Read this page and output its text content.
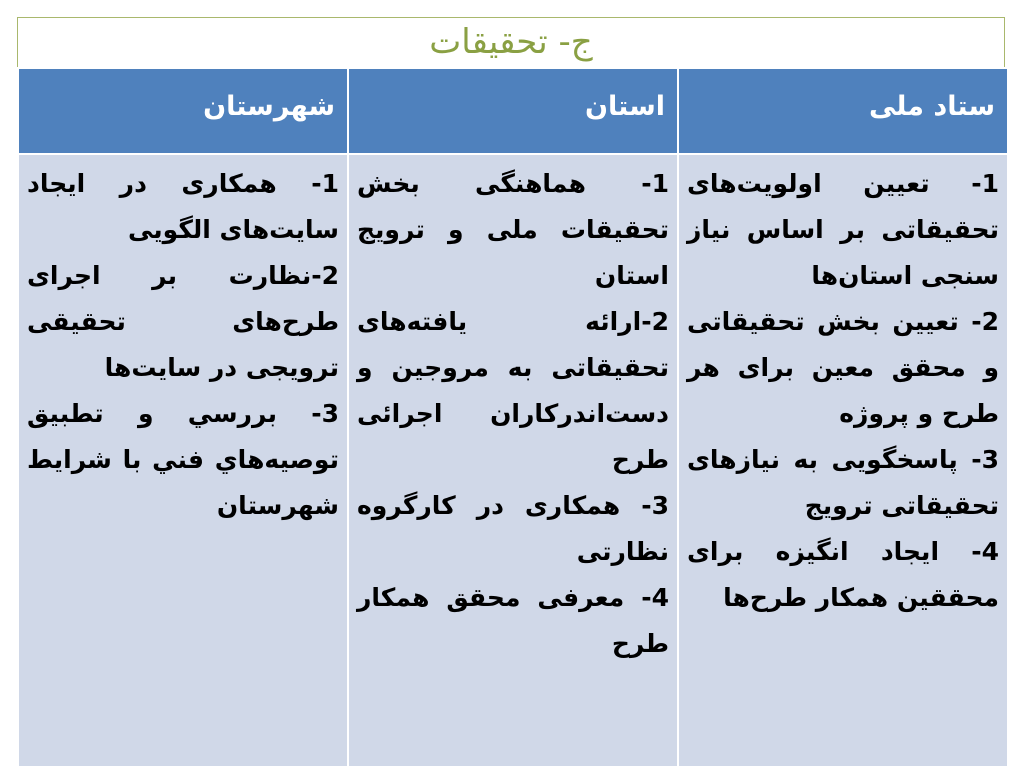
ج- تحقیقات
ستاد ملی	استان	شهرستان

1- تعیین اولویت‌های تحقیقاتی بر اساس نیاز سنجی استان‌ها
2- تعیین بخش تحقیقاتی و محقق معین برای هر طرح و پروژه
3- پاسخگویی به نیازهای تحقیقاتی ترویج
4- ایجاد انگیزه برای محققین همکار طرح‌ها	1- هماهنگی بخش تحقیقات ملی و ترویج استان
2-ارائه یافته‌های تحقیقاتی به مروجین و دست‌اندرکاران اجرائی طرح
3- همکاری در کارگروه نظارتی
4- معرفی محقق همکار طرح	1- همکاری در ایجاد سایت‌های الگویی
2-نظارت بر اجرای طرح‌های تحقیقی ترویجی در سایت‌ها
3- بررسي و تطبیق توصیه‌هاي فني با شرایط شهرستان
